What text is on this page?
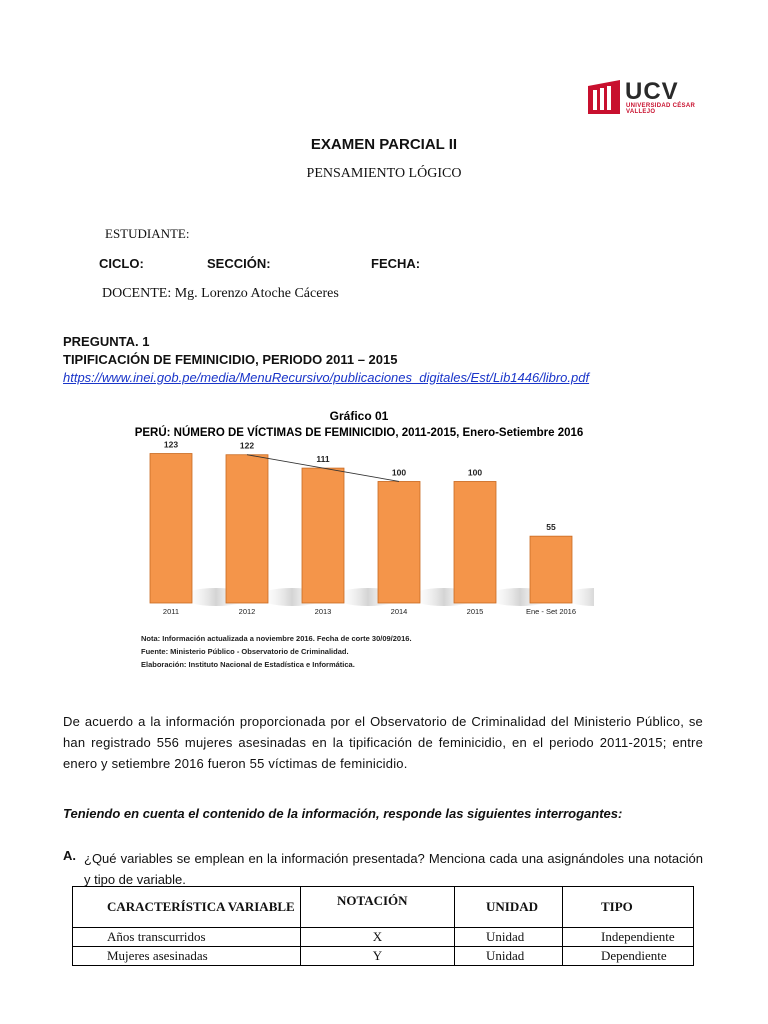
UCV
UNIVERSIDAD CÉSAR VALLEJO
EXAMEN PARCIAL II
PENSAMIENTO LÓGICO
ESTUDIANTE:
CICLO:	SECCIÓN:	FECHA:
DOCENTE: Mg. Lorenzo Atoche Cáceres
PREGUNTA. 1
TIPIFICACIÓN DE FEMINICIDIO, PERIODO 2011 – 2015
https://www.inei.gob.pe/media/MenuRecursivo/publicaciones_digitales/Est/Lib1446/libro.pdf
Gráfico 01
PERÚ: NÚMERO DE VÍCTIMAS DE FEMINICIDIO, 2011-2015, Enero-Setiembre 2016
123	122
111
100	100
55
2011	2012	2013	2014	2015	Ene - Set 2016
Nota: Información actualizada a noviembre 2016. Fecha de corte 30/09/2016.
Fuente: Ministerio Público - Observatorio de Criminalidad.
Elaboración: Instituto Nacional de Estadística e Informática.
De acuerdo a la información proporcionada por el Observatorio de Criminalidad del Ministerio Público, se han registrado 556 mujeres asesinadas en la tipificación de feminicidio, en el periodo 2011-2015; entre enero y setiembre 2016 fueron 55 víctimas de feminicidio.
Teniendo en cuenta el contenido de la información, responde las siguientes interrogantes:
A. ¿Qué variables se emplean en la información presentada? Menciona cada una asignándoles una notación y tipo de variable.
CARACTERÍSTICA VARIABLE	NOTACIÓN	UNIDAD	TIPO
Años transcurridos	X	Unidad	Independiente
Mujeres asesinadas	Y	Unidad	Dependiente
